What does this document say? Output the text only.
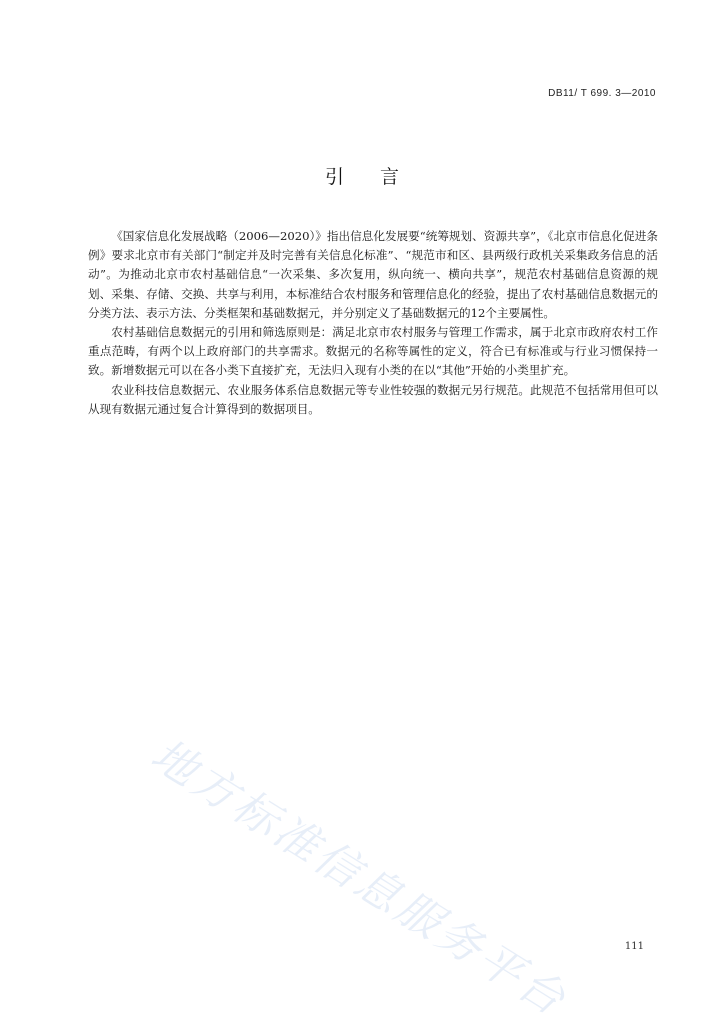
DB11/ T 699. 3—2010
引言

《国家信息化发展战略（2006—2020）》指出信息化发展要“统筹规划、资源共享”，《北京市信息化促进条例》要求北京市有关部门“制定并及时完善有关信息化标准”、“规范市和区、县两级行政机关采集政务信息的活动”。为推动北京市农村基础信息“一次采集、多次复用，纵向统一、横向共享”，规范农村基础信息资源的规划、采集、存储、交换、共享与利用，本标准结合农村服务和管理信息化的经验，提出了农村基础信息数据元的分类方法、表示方法、分类框架和基础数据元，并分别定义了基础数据元的12个主要属性。

农村基础信息数据元的引用和筛选原则是：满足北京市农村服务与管理工作需求，属于北京市政府农村工作重点范畴，有两个以上政府部门的共享需求。数据元的名称等属性的定义，符合已有标准或与行业习惯保持一致。新增数据元可以在各小类下直接扩充，无法归入现有小类的在以“其他”开始的小类里扩充。

农业科技信息数据元、农业服务体系信息数据元等专业性较强的数据元另行规范。此规范不包括常用但可以从现有数据元通过复合计算得到的数据项目。

地方标准信息服务平台	111
